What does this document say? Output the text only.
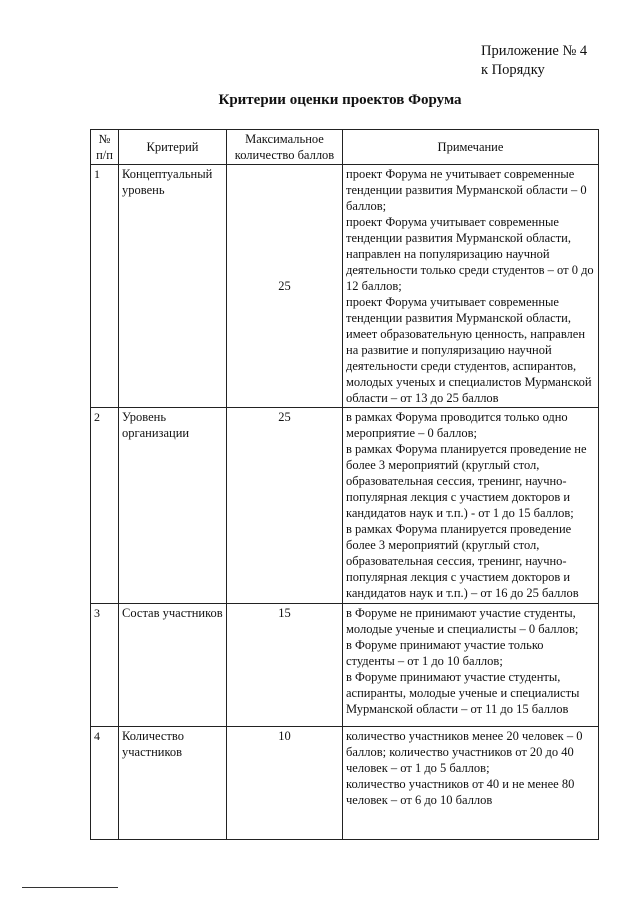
Приложение № 4
к Порядку
Критерии оценки проектов Форума
№ п/п	Критерий	Максимальное количество баллов	Примечание
1	Концептуальный уровень	25	проект Форума не учитывает современные тенденции развития Мурманской области – 0 баллов;
проект Форума учитывает современные тенденции развития Мурманской области, направлен на популяризацию научной деятельности только среди студентов – от 0 до 12 баллов;
проект Форума учитывает современные тенденции развития Мурманской области, имеет образовательную ценность, направлен на развитие и популяризацию научной деятельности среди студентов, аспирантов, молодых ученых и специалистов Мурманской области – от 13 до 25 баллов

2	Уровень организации	25	в рамках Форума проводится только одно мероприятие – 0 баллов;
в рамках Форума планируется проведение не более 3 мероприятий (круглый стол, образовательная сессия, тренинг, научно-популярная лекция с участием докторов и кандидатов наук и т.п.) - от 1 до 15 баллов;
в рамках Форума планируется проведение более 3 мероприятий (круглый стол, образовательная сессия, тренинг, научно-популярная лекция с участием докторов и кандидатов наук и т.п.) – от 16 до 25 баллов

3	Состав участников	15	в Форуме не принимают участие студенты, молодые ученые и специалисты – 0 баллов;
в Форуме принимают участие только студенты – от 1 до 10 баллов;
в Форуме принимают участие студенты, аспиранты, молодые ученые и специалисты Мурманской области – от 11 до 15 баллов

4	Количество участников	10	количество участников менее 20 человек – 0 баллов; количество участников от 20 до 40 человек – от 1 до 5 баллов;
количество участников от 40 и не менее 80 человек – от 6 до 10 баллов
